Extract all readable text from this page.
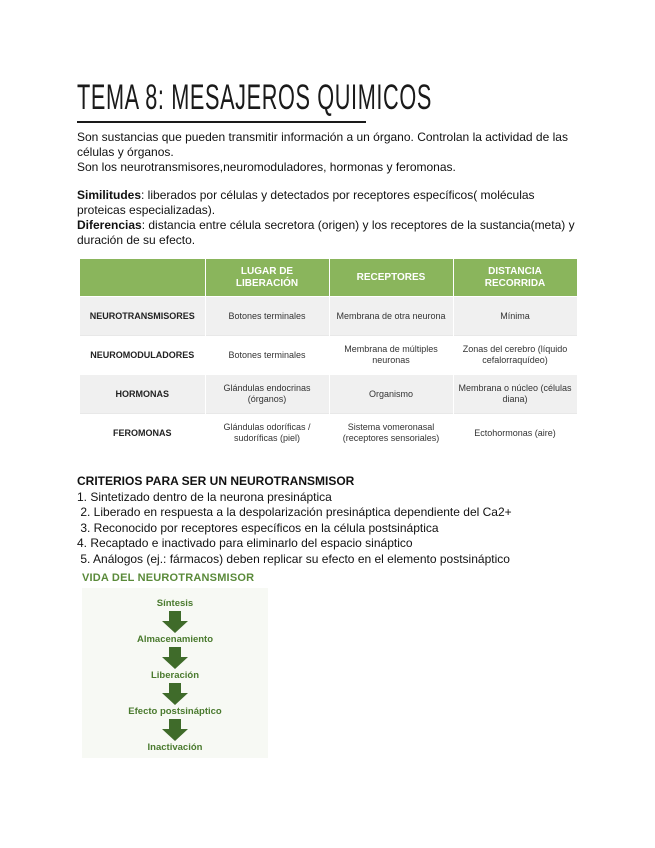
TEMA 8: MESAJEROS QUIMICOS

Son sustancias que pueden transmitir información a un órgano. Controlan la actividad de las células y órganos.

Son los neurotransmisores,neuromoduladores, hormonas y feromonas.

Similitudes: liberados por células y detectados por receptores específicos( moléculas proteicas especializadas).

Diferencias: distancia entre célula secretora (origen) y los receptores de la sustancia(meta) y duración de su efecto.

	LUGAR DE LIBERACIÓN	RECEPTORES	DISTANCIA RECORRIDA
NEUROTRANSMISORES	Botones terminales	Membrana de otra neurona	Mínima
NEUROMODULADORES	Botones terminales	Membrana de múltiples neuronas	Zonas del cerebro (líquido cefalorraquídeo)
HORMONAS	Glándulas endocrinas (órganos)	Organismo	Membrana o núcleo (células diana)
FEROMONAS	Glándulas odoríficas / sudoríficas (piel)	Sistema vomeronasal (receptores sensoriales)	Ectohormonas (aire)
CRITERIOS PARA SER UN NEUROTRANSMISOR
1. Sintetizado dentro de la neurona presináptica
2. Liberado en respuesta a la despolarización presináptica dependiente del Ca2+
3. Reconocido por receptores específicos en la célula postsináptica
4. Recaptado e inactivado para eliminarlo del espacio sináptico
5. Análogos (ej.: fármacos) deben replicar su efecto en el elemento postsináptico
VIDA DEL NEUROTRANSMISOR
Síntesis
Almacenamiento
Liberación
Efecto postsináptico
Inactivación
